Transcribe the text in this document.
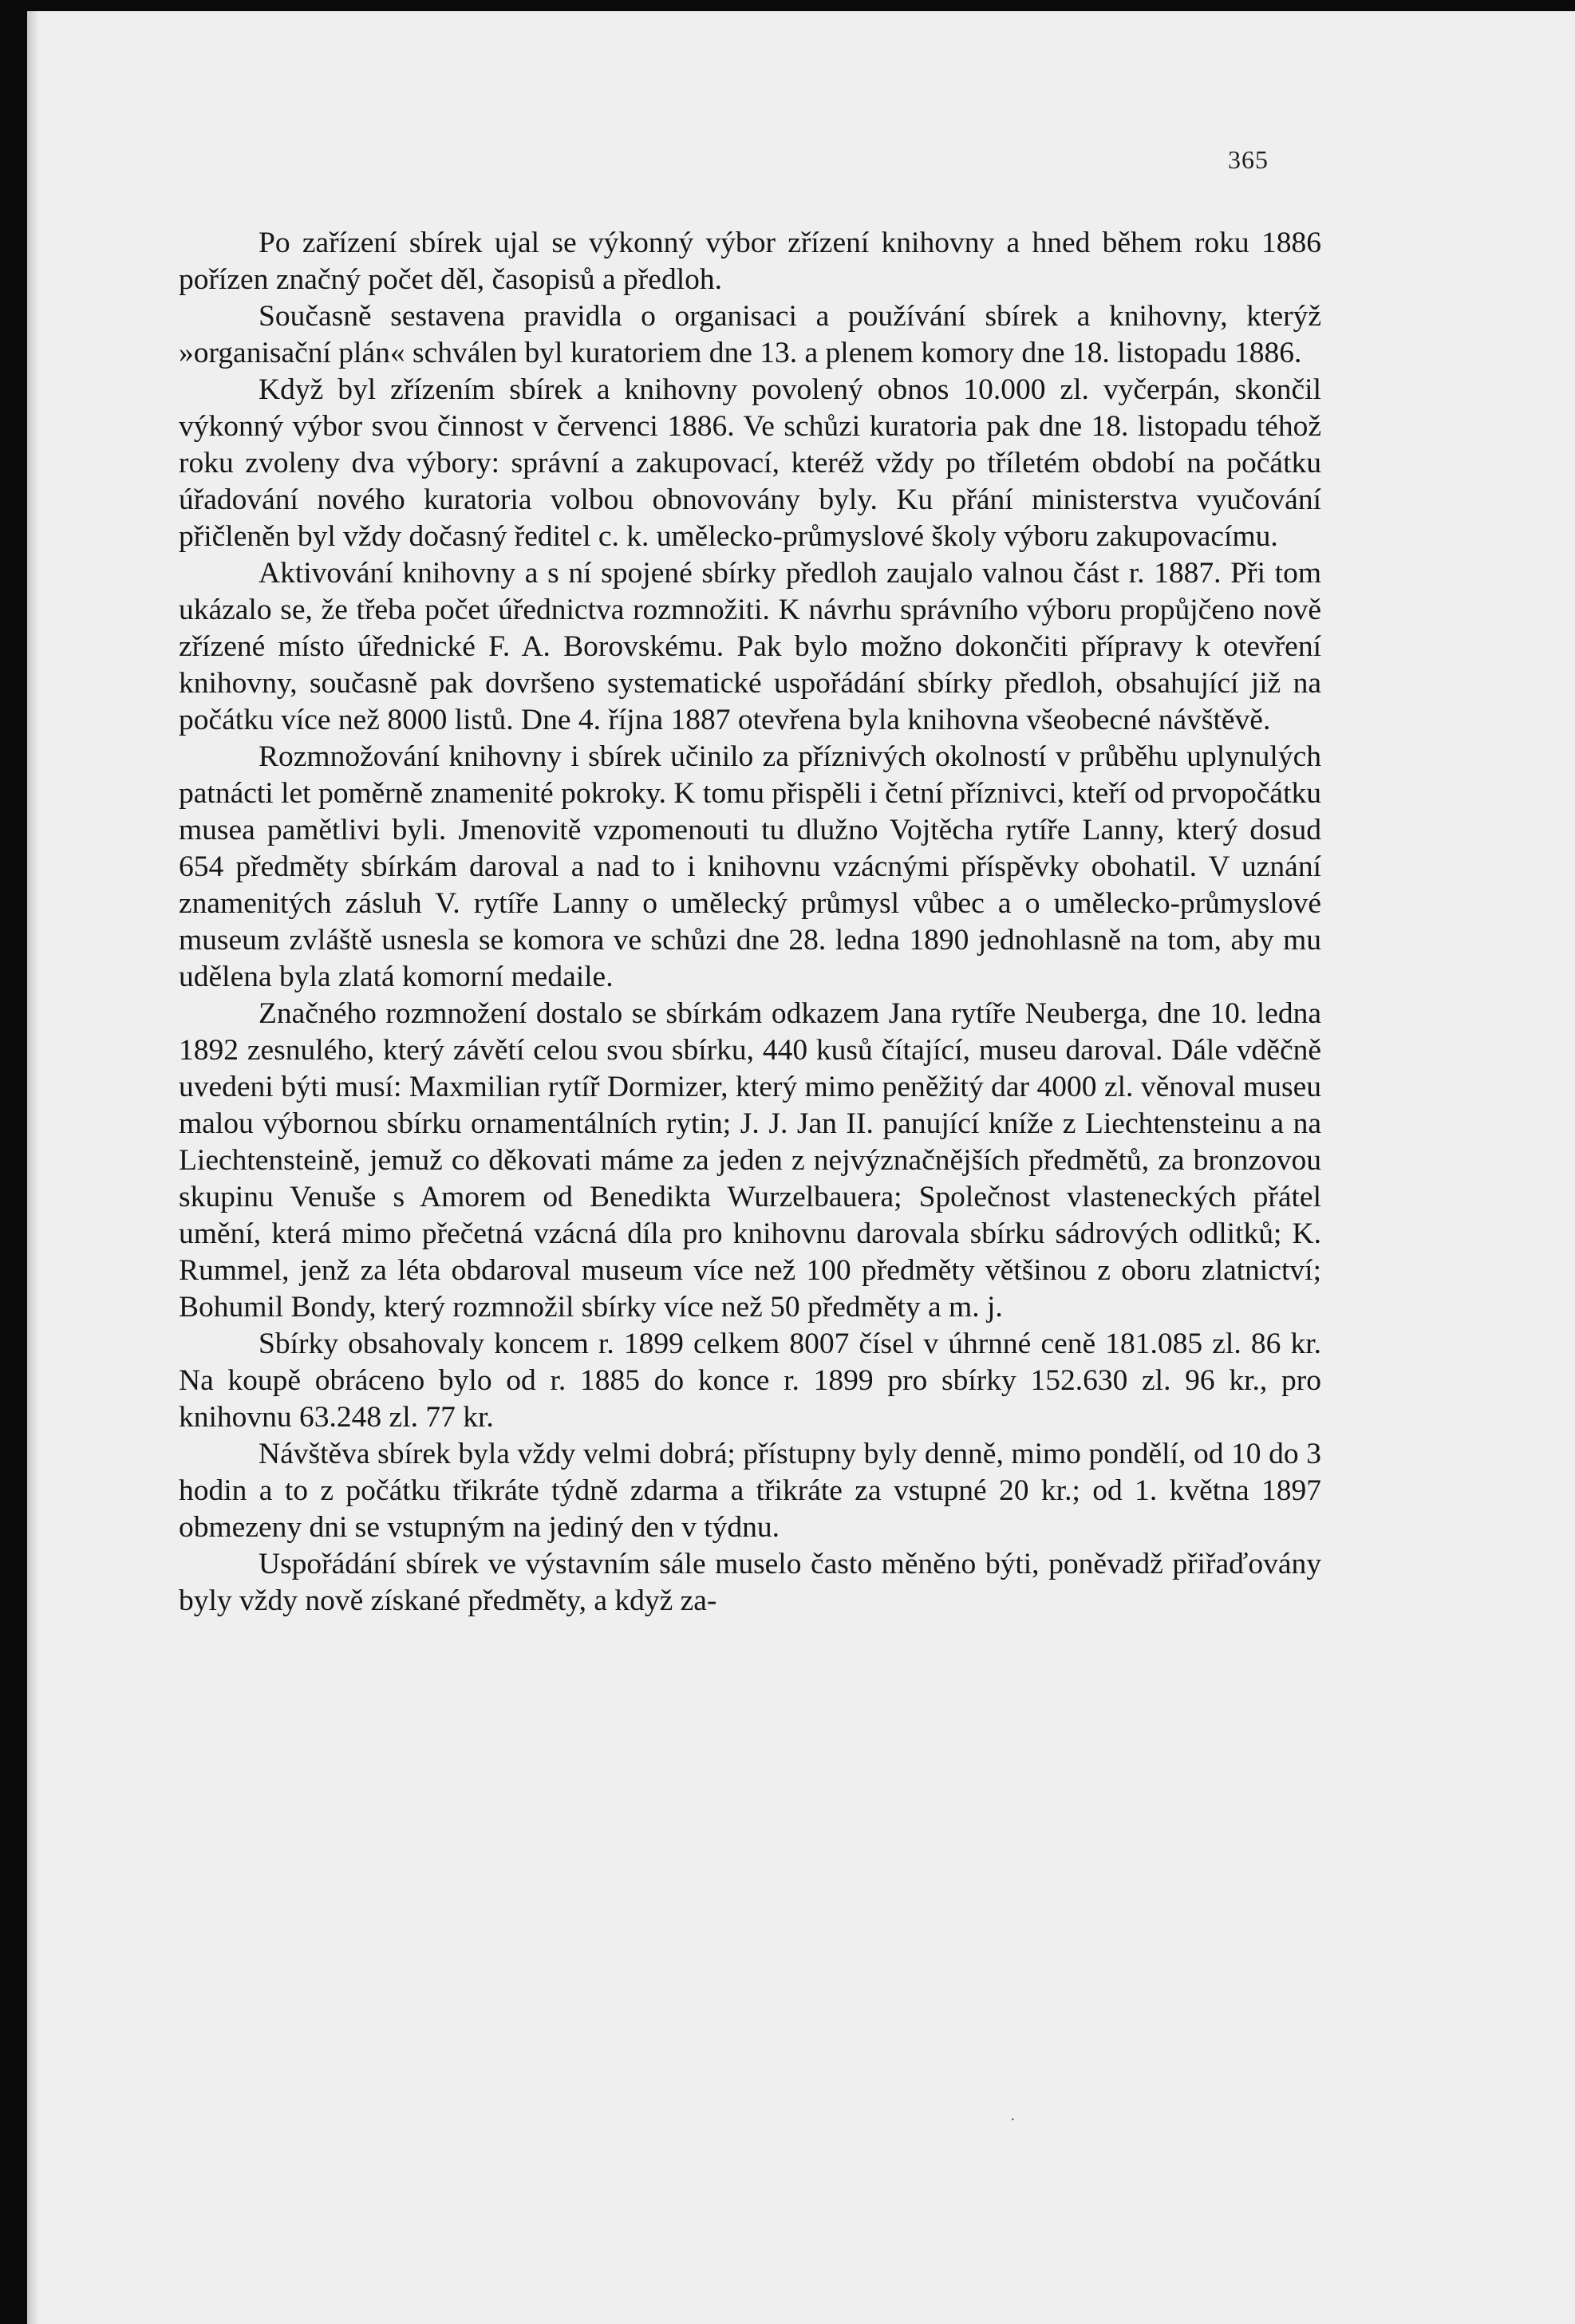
365

Po zařízení sbírek ujal se výkonný výbor zřízení knihovny a hned během roku 1886 pořízen značný počet děl, časopisů a předloh.

Současně sestavena pravidla o organisaci a používání sbírek a knihovny, kterýž »organisační plán« schválen byl kuratoriem dne 13. a plenem komory dne 18. listopadu 1886.

Když byl zřízením sbírek a knihovny povolený obnos 10.000 zl. vyčerpán, skončil výkonný výbor svou činnost v červenci 1886. Ve schůzi kuratoria pak dne 18. listopadu téhož roku zvoleny dva výbory: správní a zakupovací, kteréž vždy po tříletém období na počátku úřadování nového kuratoria volbou obnovovány byly. Ku přání ministerstva vyučování přičleněn byl vždy dočasný ředitel c. k. umělecko-průmyslové školy výboru zakupovacímu.

Aktivování knihovny a s ní spojené sbírky předloh zaujalo valnou část r. 1887. Při tom ukázalo se, že třeba počet úřednictva rozmnožiti. K návrhu správního výboru propůjčeno nově zřízené místo úřednické F. A. Borovskému. Pak bylo možno dokončiti přípravy k otevření knihovny, současně pak dovršeno systematické uspořádání sbírky předloh, obsahující již na počátku více než 8000 listů. Dne 4. října 1887 otevřena byla knihovna všeobecné návštěvě.

Rozmnožování knihovny i sbírek učinilo za příznivých okolností v průběhu uplynulých patnácti let poměrně znamenité pokroky. K tomu přispěli i četní příznivci, kteří od prvopočátku musea pamětlivi byli. Jmenovitě vzpomenouti tu dlužno Vojtěcha rytíře Lanny, který dosud 654 předměty sbírkám daroval a nad to i knihovnu vzácnými příspěvky obohatil. V uznání znamenitých zásluh V. rytíře Lanny o umělecký průmysl vůbec a o umělecko-průmyslové museum zvláště usnesla se komora ve schůzi dne 28. ledna 1890 jednohlasně na tom, aby mu udělena byla zlatá komorní medaile.

Značného rozmnožení dostalo se sbírkám odkazem Jana rytíře Neuberga, dne 10. ledna 1892 zesnulého, který závětí celou svou sbírku, 440 kusů čítající, museu daroval. Dále vděčně uvedeni býti musí: Maxmilian rytíř Dormizer, který mimo peněžitý dar 4000 zl. věnoval museu malou výbornou sbírku ornamentálních rytin; J. J. Jan II. panující kníže z Liechtensteinu a na Liechtensteině, jemuž co děkovati máme za jeden z nejvýznačnějších předmětů, za bronzovou skupinu Venuše s Amorem od Benedikta Wurzelbauera; Společnost vlasteneckých přátel umění, která mimo přečetná vzácná díla pro knihovnu darovala sbírku sádrových odlitků; K. Rummel, jenž za léta obdaroval museum více než 100 předměty většinou z oboru zlatnictví; Bohumil Bondy, který rozmnožil sbírky více než 50 předměty a m. j.

Sbírky obsahovaly koncem r. 1899 celkem 8007 čísel v úhrnné ceně 181.085 zl. 86 kr. Na koupě obráceno bylo od r. 1885 do konce r. 1899 pro sbírky 152.630 zl. 96 kr., pro knihovnu 63.248 zl. 77 kr.

Návštěva sbírek byla vždy velmi dobrá; přístupny byly denně, mimo pondělí, od 10 do 3 hodin a to z počátku třikráte týdně zdarma a třikráte za vstupné 20 kr.; od 1. května 1897 obmezeny dni se vstupným na jediný den v týdnu.

Uspořádání sbírek ve výstavním sále muselo často měněno býti, poněvadž přiřaďovány byly vždy nově získané předměty, a když za-

·
